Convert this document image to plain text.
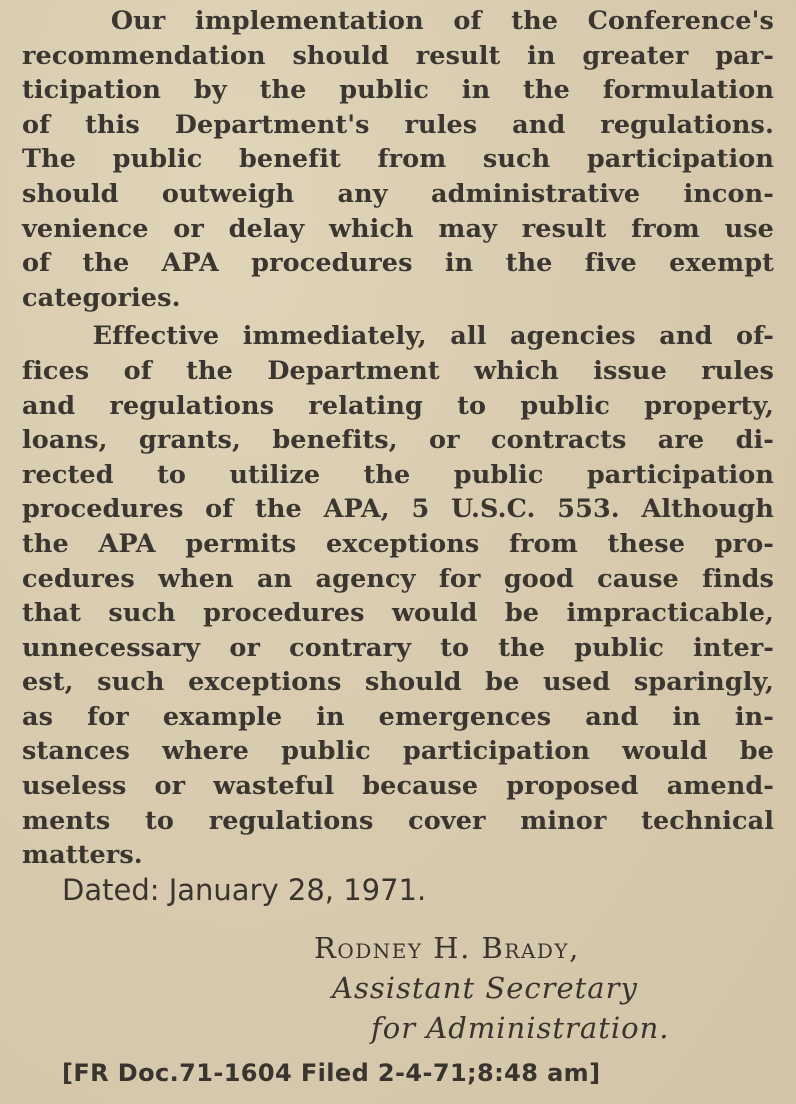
Our implementation of the Conference's
recommendation should result in greater par-
ticipation by the public in the formulation
of this Department's rules and regulations.
The public benefit from such participation
should outweigh any administrative incon-
venience or delay which may result from use
of the APA procedures in the five exempt
categories.
Effective immediately, all agencies and of-
fices of the Department which issue rules
and regulations relating to public property,
loans, grants, benefits, or contracts are di-
rected to utilize the public participation
procedures of the APA, 5 U.S.C. 553. Although
the APA permits exceptions from these pro-
cedures when an agency for good cause finds
that such procedures would be impracticable,
unnecessary or contrary to the public inter-
est, such exceptions should be used sparingly,
as for example in emergences and in in-
stances where public participation would be
useless or wasteful because proposed amend-
ments to regulations cover minor technical
matters.
Dated: January 28, 1971.
Rodney H. Brady,
Assistant Secretary
for Administration.
[FR Doc.71-1604 Filed 2-4-71;8:48 am]
